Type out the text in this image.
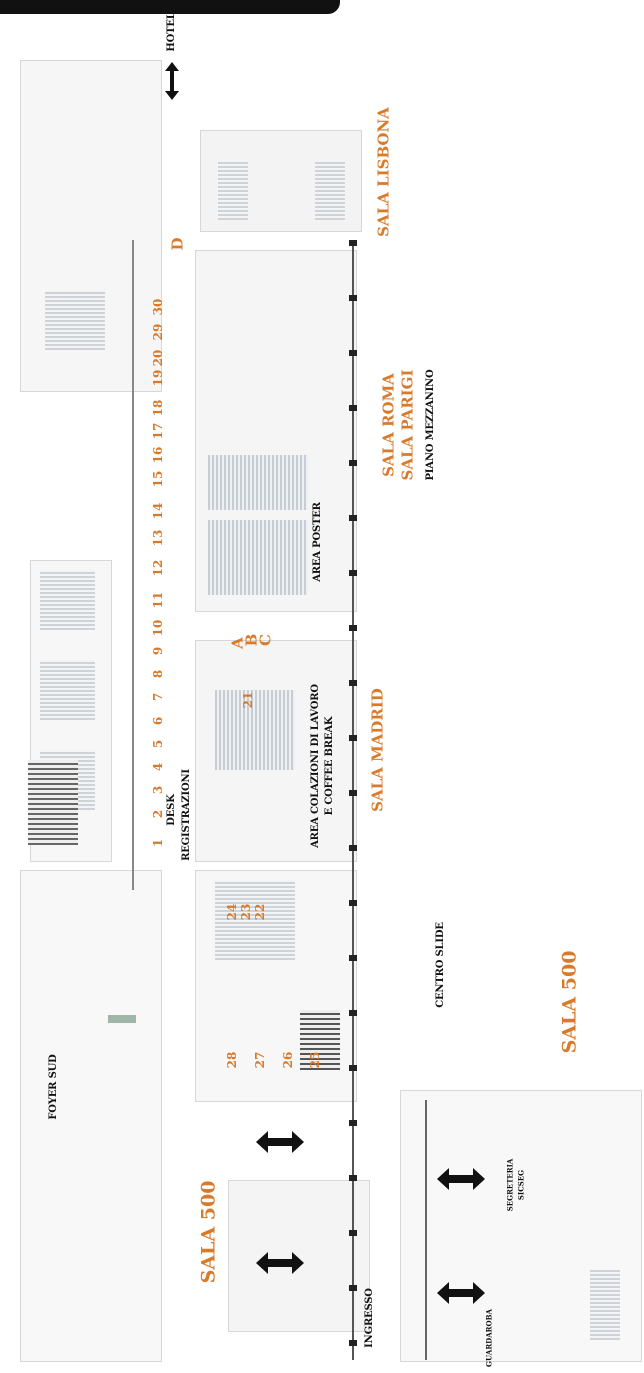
HOTEL
SALA LISBONA
D
SALA ROMA SALA PARIGI PIANO MEZZANINO
AREA POSTER
A
B
C
AREA COLAZIONI DI LAVORO E COFFEE BREAK SALA MADRID
DESK REGISTRAZIONI
FOYER SUD
SALA 500
SALA 500
CENTRO SLIDE
INGRESSO
SEGRETERIA SICSEG
GUARDAROBA
1
2
3
4
5
6
7
8
9
10
11
12
13
14
15
16
17
18
19
20
29
30
21
24 23 22
28 27 26 25
